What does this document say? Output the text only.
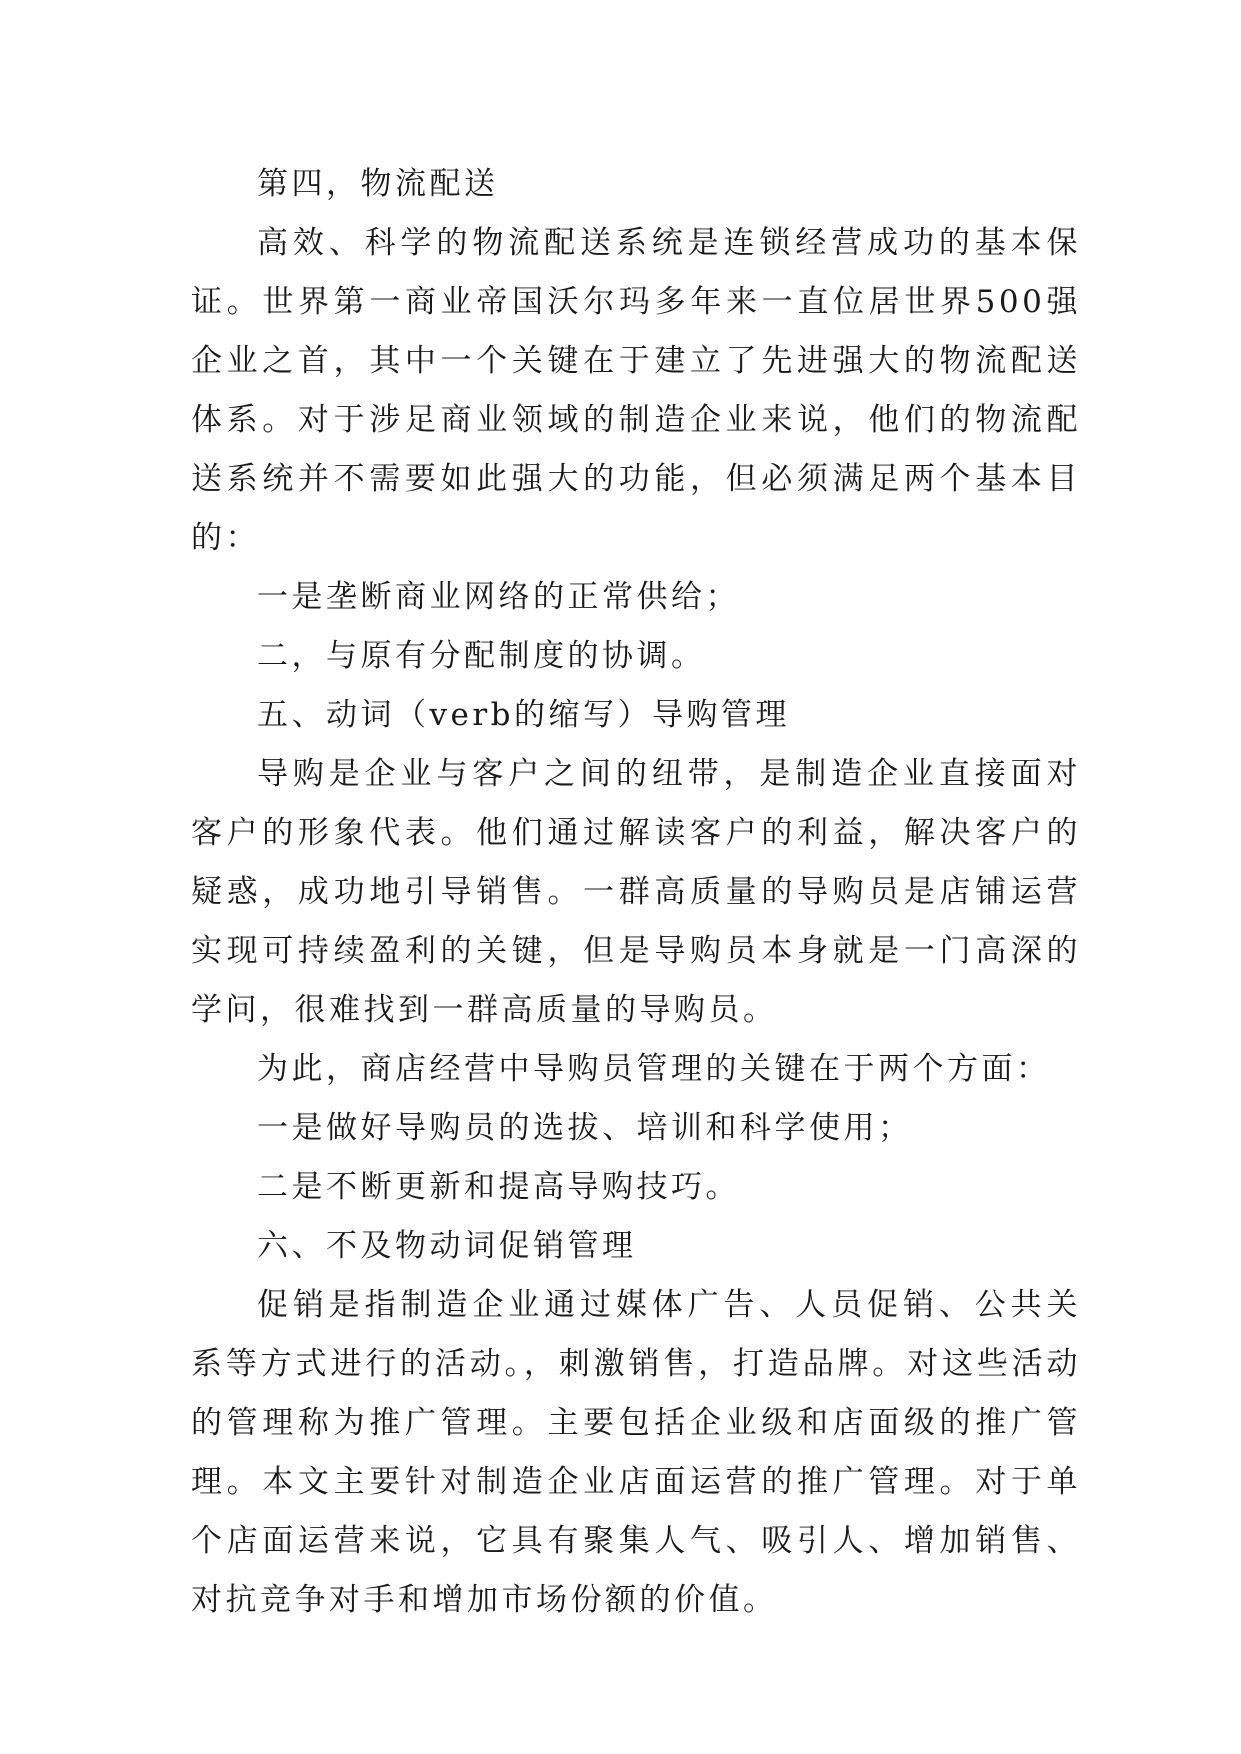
第四，物流配送

高效、科学的物流配送系统是连锁经营成功的基本保证。世界第一商业帝国沃尔玛多年来一直位居世界500强企业之首，其中一个关键在于建立了先进强大的物流配送体系。对于涉足商业领域的制造企业来说，他们的物流配送系统并不需要如此强大的功能，但必须满足两个基本目的：

一是垄断商业网络的正常供给；

二，与原有分配制度的协调。

五、动词（verb的缩写）导购管理

导购是企业与客户之间的纽带，是制造企业直接面对客户的形象代表。他们通过解读客户的利益，解决客户的疑惑，成功地引导销售。一群高质量的导购员是店铺运营实现可持续盈利的关键，但是导购员本身就是一门高深的学问，很难找到一群高质量的导购员。

为此，商店经营中导购员管理的关键在于两个方面：

一是做好导购员的选拔、培训和科学使用；

二是不断更新和提高导购技巧。

六、不及物动词促销管理

促销是指制造企业通过媒体广告、人员促销、公共关系等方式进行的活动。，刺激销售，打造品牌。对这些活动的管理称为推广管理。主要包括企业级和店面级的推广管理。本文主要针对制造企业店面运营的推广管理。对于单个店面运营来说，它具有聚集人气、吸引人、增加销售、对抗竞争对手和增加市场份额的价值。
